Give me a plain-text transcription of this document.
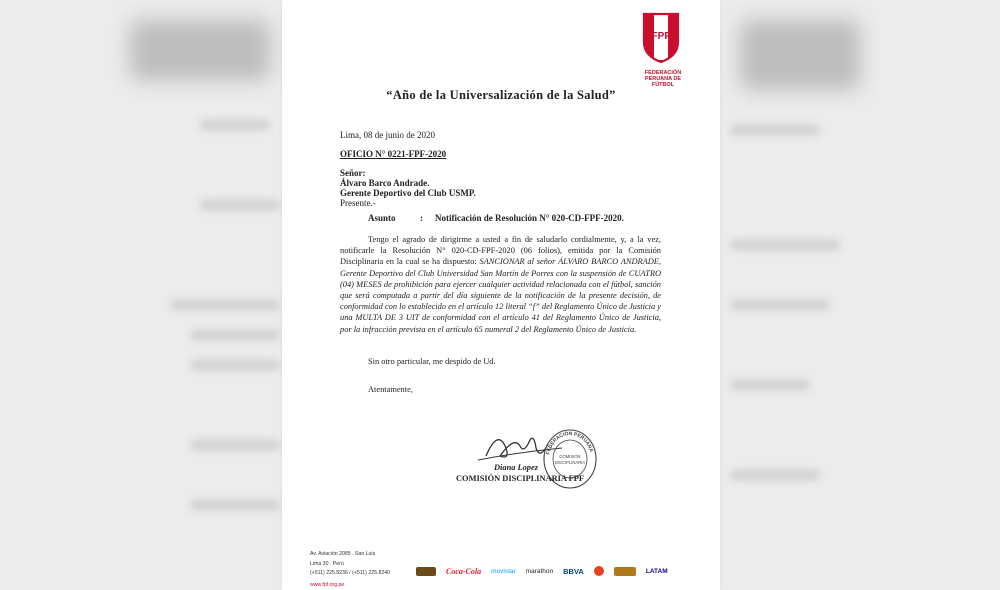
FPF
FEDERACIÓN PERUANA DE FÚTBOL
“Año de la Universalización de la Salud”
Lima, 08 de junio de 2020
OFICIO N° 0221-FPF-2020
Señor:
Álvaro Barco Andrade.
Gerente Deportivo del Club USMP.
Presente.-
Asunto	: Notificación de Resolución N° 020-CD-FPF-2020.

Tengo el agrado de dirigirme a usted a fin de saludarlo cordialmente, y, a la vez, notificarle la Resolución N° 020-CD-FPF-2020 (06 folios), emitida por la Comisión Disciplinaria en la cual se ha dispuesto: SANCIONAR al señor ÁLVARO BARCO ANDRADE, Gerente Deportivo del Club Universidad San Martín de Porres con la suspensión de CUATRO (04) MESES de prohibición para ejercer cualquier actividad relacionada con el fútbol, sanción que será computada a partir del día siguiente de la notificación de la presente decisión, de conformidad con lo establecido en el artículo 12 literal “f” del Reglamento Único de Justicia y una MULTA DE 3 UIT de conformidad con el artículo 41 del Reglamento Único de Justicia, por la infracción prevista en el artículo 65 numeral 2 del Reglamento Único de Justicia.

Sin otro particular, me despido de Ud.
Atentamente,
FEDERACIÓN PERUANA
COMISIÓN
DISCIPLINARIA
Diana Lopez
COMISIÓN DISCIPLINARIA FPF
Av. Aviación 2085 . San Luis
Lima 30 . Perú
(+511) 225.8236 / (+511) 225.8240
www.fpf.org.pe
Coca-Cola movistar marathon BBVA	LATAM
